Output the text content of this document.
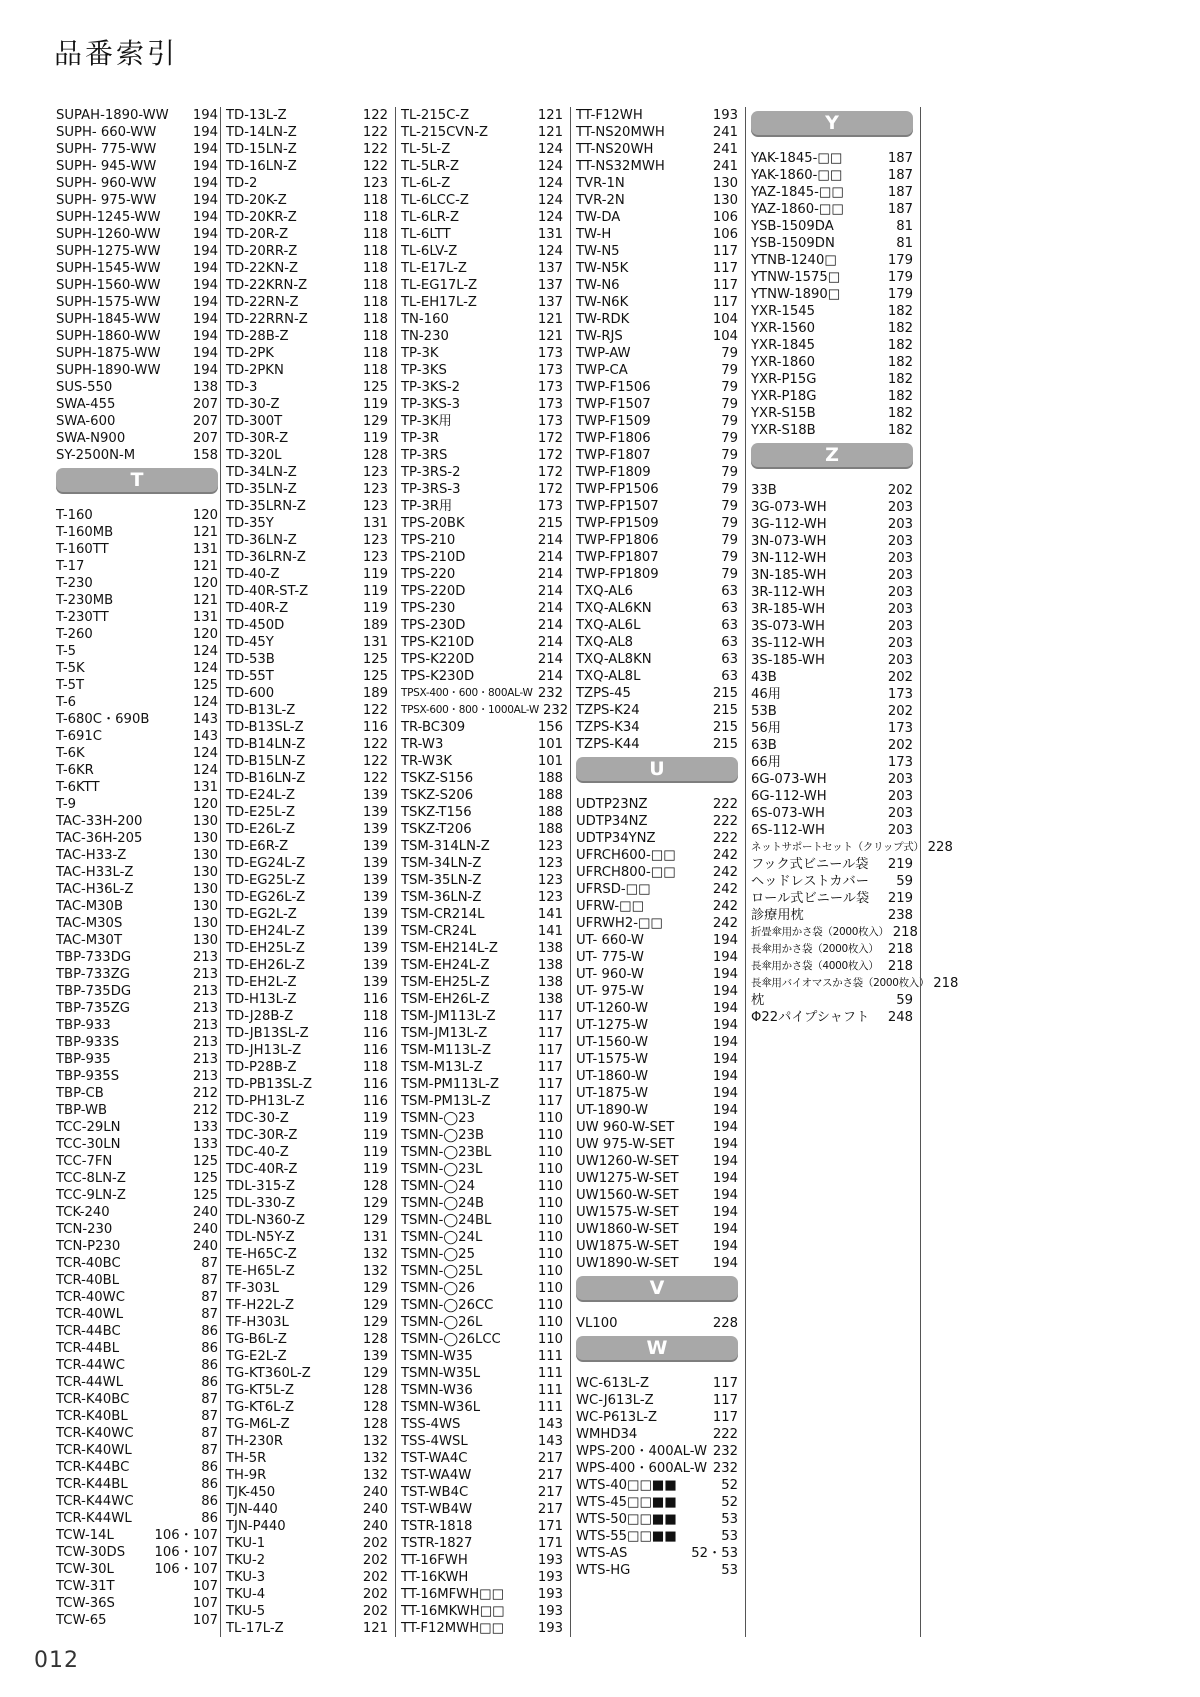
品番索引
SUPAH-1890-WW	194
SUPH- 660-WW	194
SUPH- 775-WW	194
SUPH- 945-WW	194
SUPH- 960-WW	194
SUPH- 975-WW	194
SUPH-1245-WW	194
SUPH-1260-WW	194
SUPH-1275-WW	194
SUPH-1545-WW	194
SUPH-1560-WW	194
SUPH-1575-WW	194
SUPH-1845-WW	194
SUPH-1860-WW	194
SUPH-1875-WW	194
SUPH-1890-WW	194
SUS-550	138
SWA-455	207
SWA-600	207
SWA-N900	207
SY-2500N-M	158
T
T-160	120
T-160MB	121
T-160TT	131
T-17	121
T-230	120
T-230MB	121
T-230TT	131
T-260	120
T-5	124
T-5K	124
T-5T	125
T-6	124
T-680C・690B	143
T-691C	143
T-6K	124
T-6KR	124
T-6KTT	131
T-9	120
TAC-33H-200	130
TAC-36H-205	130
TAC-H33-Z	130
TAC-H33L-Z	130
TAC-H36L-Z	130
TAC-M30B	130
TAC-M30S	130
TAC-M30T	130
TBP-733DG	213
TBP-733ZG	213
TBP-735DG	213
TBP-735ZG	213
TBP-933	213
TBP-933S	213
TBP-935	213
TBP-935S	213
TBP-CB	212
TBP-WB	212
TCC-29LN	133
TCC-30LN	133
TCC-7FN	125
TCC-8LN-Z	125
TCC-9LN-Z	125
TCK-240	240
TCN-230	240
TCN-P230	240
TCR-40BC	87
TCR-40BL	87
TCR-40WC	87
TCR-40WL	87
TCR-44BC	86
TCR-44BL	86
TCR-44WC	86
TCR-44WL	86
TCR-K40BC	87
TCR-K40BL	87
TCR-K40WC	87
TCR-K40WL	87
TCR-K44BC	86
TCR-K44BL	86
TCR-K44WC	86
TCR-K44WL	86
TCW-14L	106・107
TCW-30DS	106・107
TCW-30L	106・107
TCW-31T	107
TCW-36S	107
TCW-65	107
TD-13L-Z	122
TD-14LN-Z	122
TD-15LN-Z	122
TD-16LN-Z	122
TD-2	123
TD-20K-Z	118
TD-20KR-Z	118
TD-20R-Z	118
TD-20RR-Z	118
TD-22KN-Z	118
TD-22KRN-Z	118
TD-22RN-Z	118
TD-22RRN-Z	118
TD-28B-Z	118
TD-2PK	118
TD-2PKN	118
TD-3	125
TD-30-Z	119
TD-300T	129
TD-30R-Z	119
TD-320L	128
TD-34LN-Z	123
TD-35LN-Z	123
TD-35LRN-Z	123
TD-35Y	131
TD-36LN-Z	123
TD-36LRN-Z	123
TD-40-Z	119
TD-40R-ST-Z	119
TD-40R-Z	119
TD-450D	189
TD-45Y	131
TD-53B	125
TD-55T	125
TD-600	189
TD-B13L-Z	122
TD-B13SL-Z	116
TD-B14LN-Z	122
TD-B15LN-Z	122
TD-B16LN-Z	122
TD-E24L-Z	139
TD-E25L-Z	139
TD-E26L-Z	139
TD-E6R-Z	139
TD-EG24L-Z	139
TD-EG25L-Z	139
TD-EG26L-Z	139
TD-EG2L-Z	139
TD-EH24L-Z	139
TD-EH25L-Z	139
TD-EH26L-Z	139
TD-EH2L-Z	139
TD-H13L-Z	116
TD-J28B-Z	118
TD-JB13SL-Z	116
TD-JH13L-Z	116
TD-P28B-Z	118
TD-PB13SL-Z	116
TD-PH13L-Z	116
TDC-30-Z	119
TDC-30R-Z	119
TDC-40-Z	119
TDC-40R-Z	119
TDL-315-Z	128
TDL-330-Z	129
TDL-N360-Z	129
TDL-N5Y-Z	131
TE-H65C-Z	132
TE-H65L-Z	132
TF-303L	129
TF-H22L-Z	129
TF-H303L	129
TG-B6L-Z	128
TG-E2L-Z	139
TG-KT360L-Z	129
TG-KT5L-Z	128
TG-KT6L-Z	128
TG-M6L-Z	128
TH-230R	132
TH-5R	132
TH-9R	132
TJK-450	240
TJN-440	240
TJN-P440	240
TKU-1	202
TKU-2	202
TKU-3	202
TKU-4	202
TKU-5	202
TL-17L-Z	121
TL-215C-Z	121
TL-215CVN-Z	121
TL-5L-Z	124
TL-5LR-Z	124
TL-6L-Z	124
TL-6LCC-Z	124
TL-6LR-Z	124
TL-6LTT	131
TL-6LV-Z	124
TL-E17L-Z	137
TL-EG17L-Z	137
TL-EH17L-Z	137
TN-160	121
TN-230	121
TP-3K	173
TP-3KS	173
TP-3KS-2	173
TP-3KS-3	173
TP-3K用	173
TP-3R	172
TP-3RS	172
TP-3RS-2	172
TP-3RS-3	172
TP-3R用	173
TPS-20BK	215
TPS-210	214
TPS-210D	214
TPS-220	214
TPS-220D	214
TPS-230	214
TPS-230D	214
TPS-K210D	214
TPS-K220D	214
TPS-K230D	214
TPSX-400・600・800AL-W 232
TPSX-600・800・1000AL-W 232
TR-BC309	156
TR-W3	101
TR-W3K	101
TSKZ-S156	188
TSKZ-S206	188
TSKZ-T156	188
TSKZ-T206	188
TSM-314LN-Z	123
TSM-34LN-Z	123
TSM-35LN-Z	123
TSM-36LN-Z	123
TSM-CR214L	141
TSM-CR24L	141
TSM-EH214L-Z	138
TSM-EH24L-Z	138
TSM-EH25L-Z	138
TSM-EH26L-Z	138
TSM-JM113L-Z	117
TSM-JM13L-Z	117
TSM-M113L-Z	117
TSM-M13L-Z	117
TSM-PM113L-Z	117
TSM-PM13L-Z	117
TSMN-◯23	110
TSMN-◯23B	110
TSMN-◯23BL	110
TSMN-◯23L	110
TSMN-◯24	110
TSMN-◯24B	110
TSMN-◯24BL	110
TSMN-◯24L	110
TSMN-◯25	110
TSMN-◯25L	110
TSMN-◯26	110
TSMN-◯26CC	110
TSMN-◯26L	110
TSMN-◯26LCC	110
TSMN-W35	111
TSMN-W35L	111
TSMN-W36	111
TSMN-W36L	111
TSS-4WS	143
TSS-4WSL	143
TST-WA4C	217
TST-WA4W	217
TST-WB4C	217
TST-WB4W	217
TSTR-1818	171
TSTR-1827	171
TT-16FWH	193
TT-16KWH	193
TT-16MFWH□□	193
TT-16MKWH□□	193
TT-F12MWH□□	193
TT-F12WH	193
TT-NS20MWH	241
TT-NS20WH	241
TT-NS32MWH	241
TVR-1N	130
TVR-2N	130
TW-DA	106
TW-H	106
TW-N5	117
TW-N5K	117
TW-N6	117
TW-N6K	117
TW-RDK	104
TW-RJS	104
TWP-AW	79
TWP-CA	79
TWP-F1506	79
TWP-F1507	79
TWP-F1509	79
TWP-F1806	79
TWP-F1807	79
TWP-F1809	79
TWP-FP1506	79
TWP-FP1507	79
TWP-FP1509	79
TWP-FP1806	79
TWP-FP1807	79
TWP-FP1809	79
TXQ-AL6	63
TXQ-AL6KN	63
TXQ-AL6L	63
TXQ-AL8	63
TXQ-AL8KN	63
TXQ-AL8L	63
TZPS-45	215
TZPS-K24	215
TZPS-K34	215
TZPS-K44	215
U
UDTP23NZ	222
UDTP34NZ	222
UDTP34YNZ	222
UFRCH600-□□	242
UFRCH800-□□	242
UFRSD-□□	242
UFRW-□□	242
UFRWH2-□□	242
UT- 660-W	194
UT- 775-W	194
UT- 960-W	194
UT- 975-W	194
UT-1260-W	194
UT-1275-W	194
UT-1560-W	194
UT-1575-W	194
UT-1860-W	194
UT-1875-W	194
UT-1890-W	194
UW 960-W-SET	194
UW 975-W-SET	194
UW1260-W-SET	194
UW1275-W-SET	194
UW1560-W-SET	194
UW1575-W-SET	194
UW1860-W-SET	194
UW1875-W-SET	194
UW1890-W-SET	194
V
VL100	228
W
WC-613L-Z	117
WC-J613L-Z	117
WC-P613L-Z	117
WMHD34	222
WPS-200・400AL-W 232
WPS-400・600AL-W 232
WTS-40□□■■	52
WTS-45□□■■	52
WTS-50□□■■	53
WTS-55□□■■	53
WTS-AS	52・53
WTS-HG	53
Y
YAK-1845-□□	187
YAK-1860-□□	187
YAZ-1845-□□	187
YAZ-1860-□□	187
YSB-1509DA	81
YSB-1509DN	81
YTNB-1240□	179
YTNW-1575□	179
YTNW-1890□	179
YXR-1545	182
YXR-1560	182
YXR-1845	182
YXR-1860	182
YXR-P15G	182
YXR-P18G	182
YXR-S15B	182
YXR-S18B	182
Z
33B	202
3G-073-WH	203
3G-112-WH	203
3N-073-WH	203
3N-112-WH	203
3N-185-WH	203
3R-112-WH	203
3R-185-WH	203
3S-073-WH	203
3S-112-WH	203
3S-185-WH	203
43B	202
46用	173
53B	202
56用	173
63B	202
66用	173
6G-073-WH	203
6G-112-WH	203
6S-073-WH	203
6S-112-WH	203
ネットサポートセット（クリップ式） 228
フック式ビニール袋	219
ヘッドレストカバー	59
ロール式ビニール袋	219
診療用枕	238
折畳傘用かさ袋（2000枚入） 218
長傘用かさ袋（2000枚入） 218
長傘用かさ袋（4000枚入） 218
長傘用バイオマスかさ袋（2000枚入） 218
枕	59
Φ22パイプシャフト	248
012
